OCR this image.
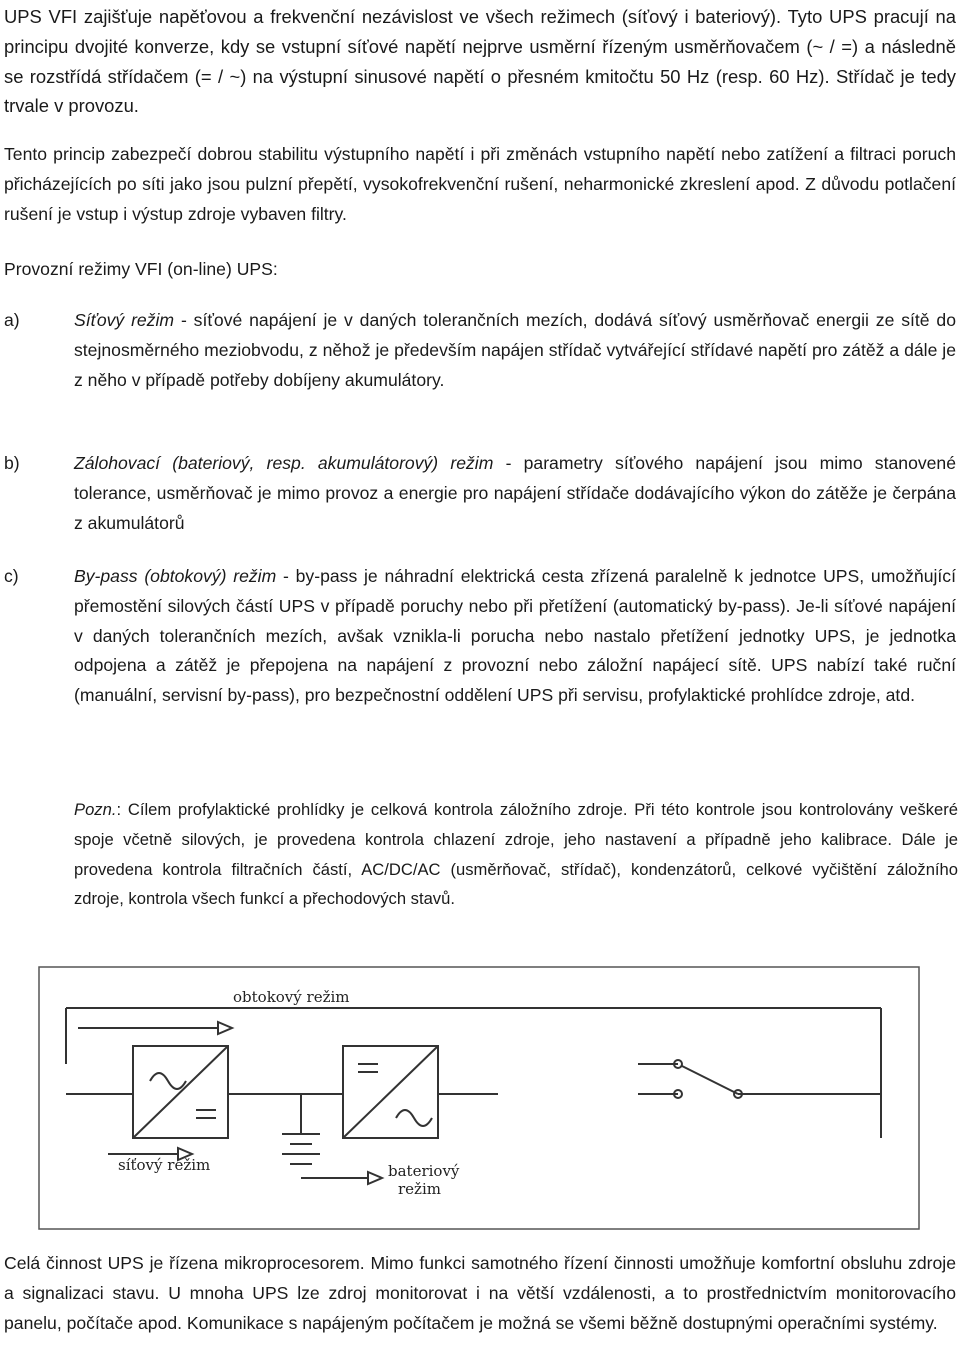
UPS VFI zajišťuje napěťovou a frekvenční nezávislost ve všech režimech (síťový i bateriový). Tyto UPS pracují na principu dvojité konverze, kdy se vstupní síťové napětí nejprve usměrní řízeným usměrňovačem (~ / =) a následně se rozstřídá střídačem (= / ~) na výstupní sinusové napětí o přesném kmitočtu 50 Hz (resp. 60 Hz). Střídač je tedy trvale v provozu.

Tento princip zabezpečí dobrou stabilitu výstupního napětí i při změnách vstupního napětí nebo zatížení a filtraci poruch přicházejících po síti jako jsou pulzní přepětí, vysokofrekvenční rušení, neharmonické zkreslení apod. Z důvodu potlačení rušení je vstup i výstup zdroje vybaven filtry.

Provozní režimy VFI (on-line) UPS:

a)	Síťový režim - síťové napájení je v daných tolerančních mezích, dodává síťový usměrňovač energii ze sítě do stejnosměrného meziobvodu, z něhož je především napájen střídač vytvářející střídavé napětí pro zátěž a dále je z něho v případě potřeby dobíjeny akumulátory.
b)	Zálohovací (bateriový, resp. akumulátorový) režim - parametry síťového napájení jsou mimo stanovené tolerance, usměrňovač je mimo provoz a energie pro napájení střídače dodávajícího výkon do zátěže je čerpána z akumulátorů
c)	By-pass (obtokový) režim - by-pass je náhradní elektrická cesta zřízená paralelně k jednotce UPS, umožňující přemostění silových částí UPS v případě poruchy nebo při přetížení (automatický by-pass). Je-li síťové napájení v daných tolerančních mezích, avšak vznikla-li porucha nebo nastalo přetížení jednotky UPS, je jednotka odpojena a zátěž je přepojena na napájení z provozní nebo záložní napájecí sítě. UPS nabízí také ruční (manuální, servisní by-pass), pro bezpečnostní oddělení UPS při servisu, profylaktické prohlídce zdroje, atd.

Pozn.: Cílem profylaktické prohlídky je celková kontrola záložního zdroje. Při této kontrole jsou kontrolovány veškeré spoje včetně silových, je provedena kontrola chlazení zdroje, jeho nastavení a případně jeho kalibrace. Dále je provedena kontrola filtračních částí, AC/DC/AC (usměrňovač, střídač), kondenzátorů, celkové vyčištění záložního zdroje, kontrola všech funkcí a přechodových stavů.

obtokový režim
síťový režim	bateriový
režim

Celá činnost UPS je řízena mikroprocesorem. Mimo funkci samotného řízení činnosti umožňuje komfortní obsluhu zdroje a signalizaci stavu. U mnoha UPS lze zdroj monitorovat i na větší vzdálenosti, a to prostřednictvím monitorovacího panelu, počítače apod. Komunikace s napájeným počítačem je možná se všemi běžně dostupnými operačními systémy.
